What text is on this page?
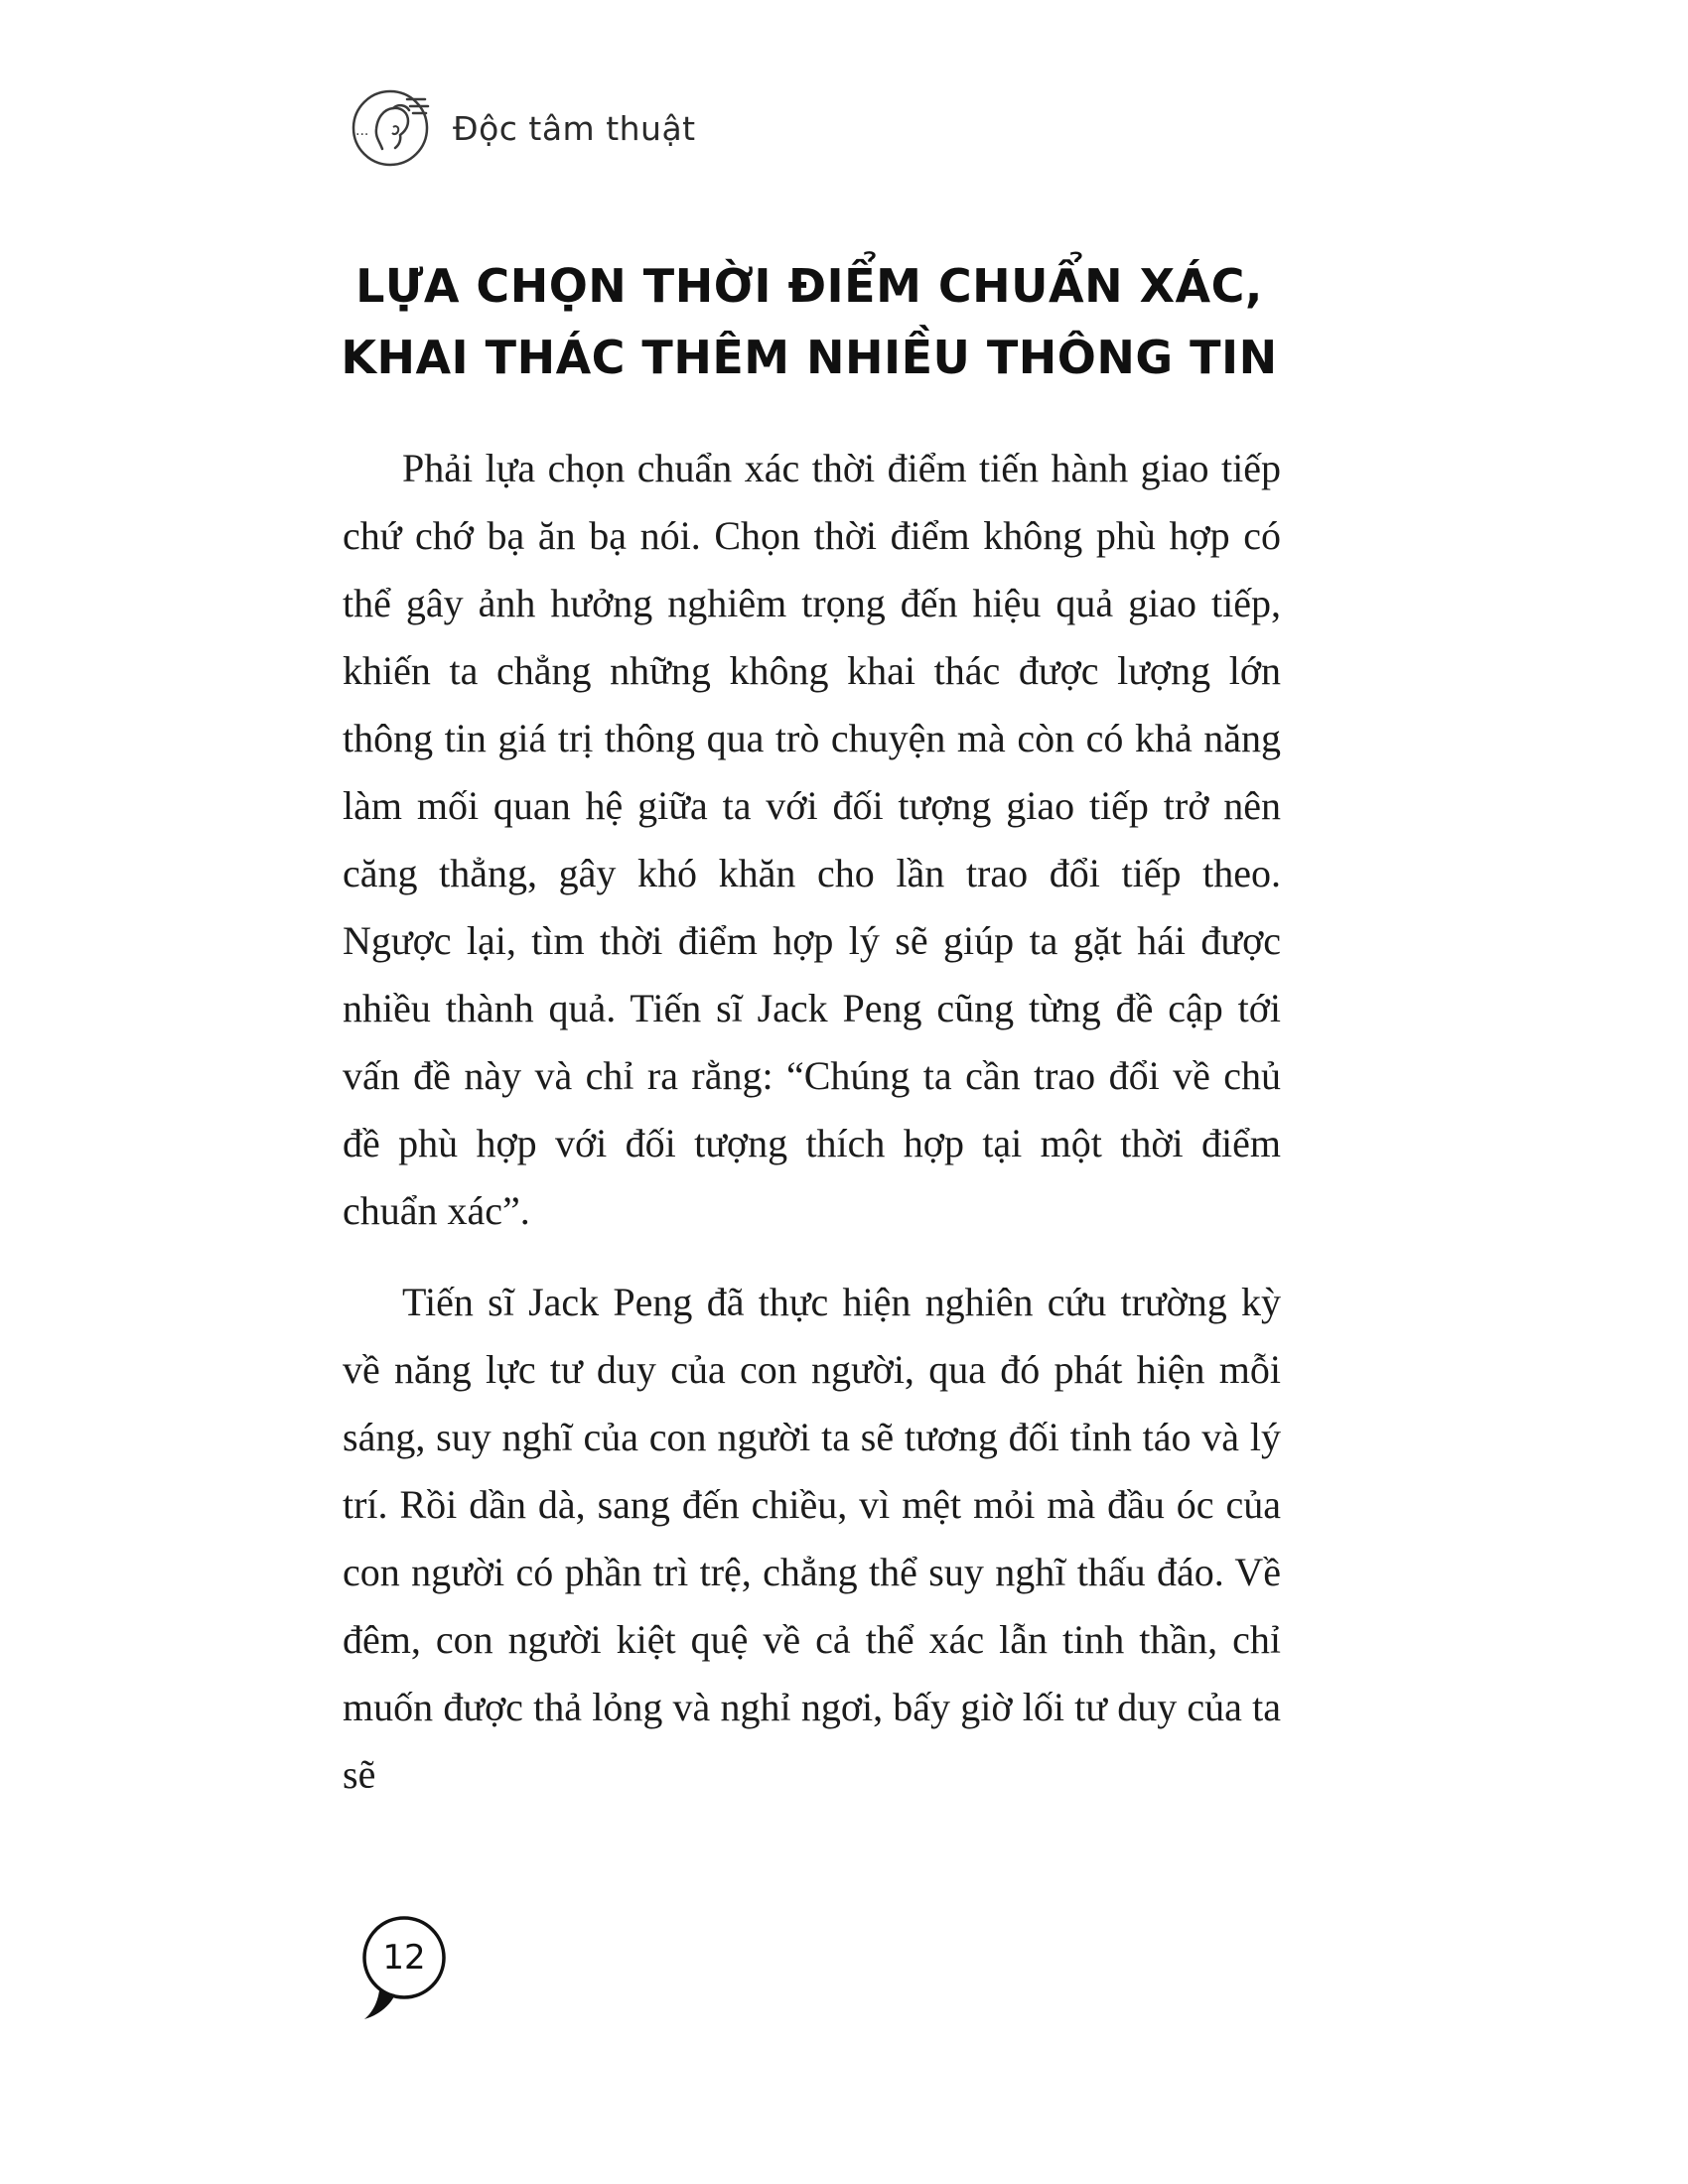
...	Độc tâm thuật
LỰA CHỌN THỜI ĐIỂM CHUẨN XÁC,
KHAI THÁC THÊM NHIỀU THÔNG TIN

Phải lựa chọn chuẩn xác thời điểm tiến hành giao tiếp chứ chớ bạ ăn bạ nói. Chọn thời điểm không phù hợp có thể gây ảnh hưởng nghiêm trọng đến hiệu quả giao tiếp, khiến ta chẳng những không khai thác được lượng lớn thông tin giá trị thông qua trò chuyện mà còn có khả năng làm mối quan hệ giữa ta với đối tượng giao tiếp trở nên căng thẳng, gây khó khăn cho lần trao đổi tiếp theo. Ngược lại, tìm thời điểm hợp lý sẽ giúp ta gặt hái được nhiều thành quả. Tiến sĩ Jack Peng cũng từng đề cập tới vấn đề này và chỉ ra rằng: “Chúng ta cần trao đổi về chủ đề phù hợp với đối tượng thích hợp tại một thời điểm chuẩn xác”.

Tiến sĩ Jack Peng đã thực hiện nghiên cứu trường kỳ về năng lực tư duy của con người, qua đó phát hiện mỗi sáng, suy nghĩ của con người ta sẽ tương đối tỉnh táo và lý trí. Rồi dần dà, sang đến chiều, vì mệt mỏi mà đầu óc của con người có phần trì trệ, chẳng thể suy nghĩ thấu đáo. Về đêm, con người kiệt quệ về cả thể xác lẫn tinh thần, chỉ muốn được thả lỏng và nghỉ ngơi, bấy giờ lối tư duy của ta sẽ

12
